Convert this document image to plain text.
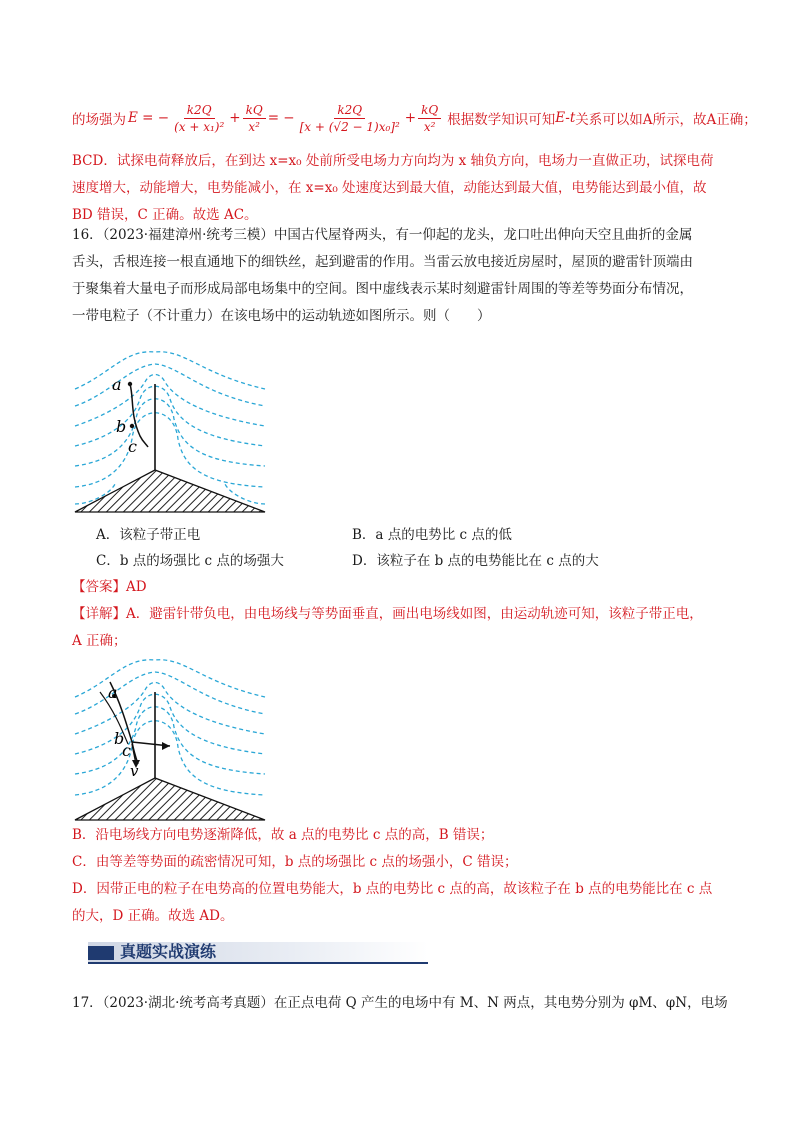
的场强为 E = − $\frac{k2Q}{\text{(x + x₁)²}} + \frac{kQ}{\text{x²}}$ = − $\frac{k2Q}{\text{[x + (√2 − 1)x₀]²}} + \frac{kQ}{\text{x²}}$ 根据数学知识可知 E-t 关系可以如A所示，故A正确；
BCD．试探电荷释放后，在到达 x=x₀ 处前所受电场力方向均为 x 轴负方向，电场力一直做正功，试探电荷
速度增大，动能增大，电势能减小，在 x=x₀ 处速度达到最大值，动能达到最大值，电势能达到最小值，故
BD 错误，C 正确。故选 AC。
16．（2023·福建漳州·统考三模）中国古代屋脊两头，有一仰起的龙头，龙口吐出伸向天空且曲折的金属
舌头，舌根连接一根直通地下的细铁丝，起到避雷的作用。当雷云放电接近房屋时，屋顶的避雷针顶端由
于聚集着大量电子而形成局部电场集中的空间。图中虚线表示某时刻避雷针周围的等差等势面分布情况，
一带电粒子（不计重力）在该电场中的运动轨迹如图所示。则（　　）
a
b
c
A．该粒子带正电	B．a 点的电势比 c 点的低
C．b 点的场强比 c 点的场强大	D．该粒子在 b 点的电势能比在 c 点的大
【答案】AD
【详解】A．避雷针带负电，由电场线与等势面垂直，画出电场线如图，由运动轨迹可知，该粒子带正电，
A 正确；
a
b
c
v
B．沿电场线方向电势逐渐降低，故 a 点的电势比 c 点的高，B 错误；
C．由等差等势面的疏密情况可知，b 点的场强比 c 点的场强小，C 错误；
D．因带正电的粒子在电势高的位置电势能大，b 点的电势比 c 点的高，故该粒子在 b 点的电势能比在 c 点
的大，D 正确。故选 AD。
真题实战演练
17．（2023·湖北·统考高考真题）在正点电荷 Q 产生的电场中有 M、N 两点，其电势分别为 φM、φN，电场
